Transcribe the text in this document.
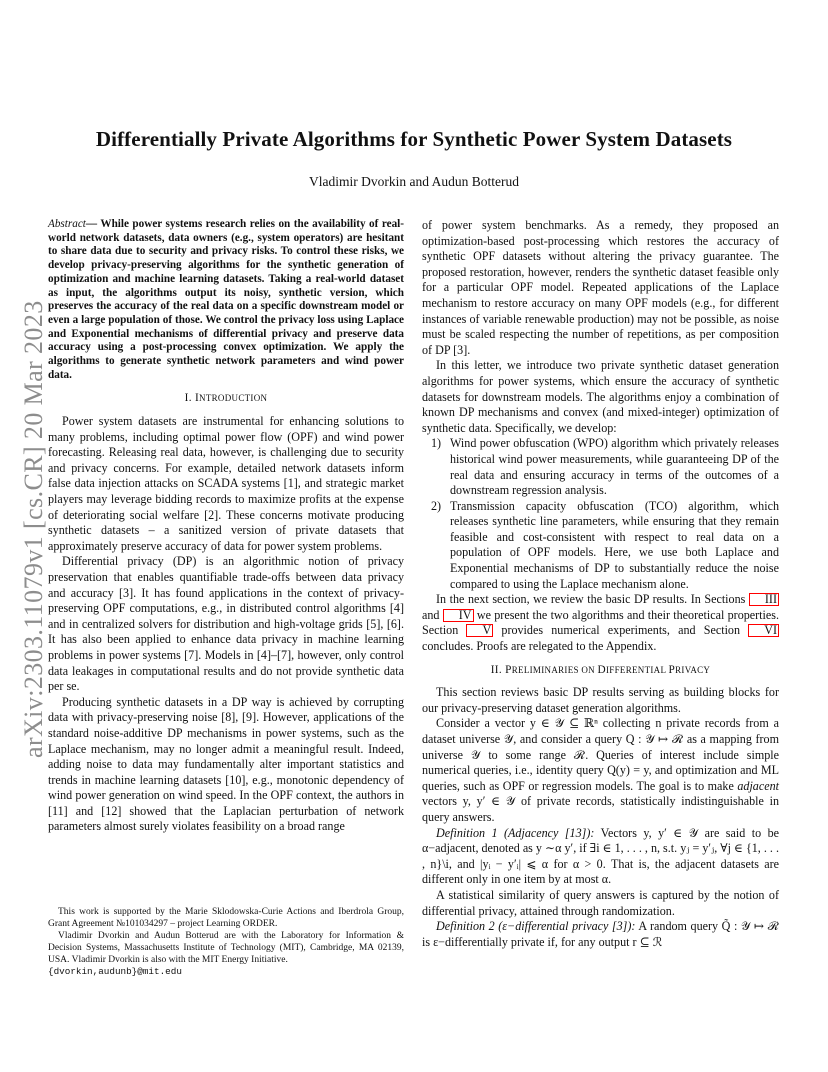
Differentially Private Algorithms for Synthetic Power System Datasets

Vladimir Dvorkin and Audun Botterud

arXiv:2303.11079v1 [cs.CR] 20 Mar 2023

Abstract— While power systems research relies on the availability of real-world network datasets, data owners (e.g., system operators) are hesitant to share data due to security and privacy risks. To control these risks, we develop privacy-preserving algorithms for the synthetic generation of optimization and machine learning datasets. Taking a real-world dataset as input, the algorithms output its noisy, synthetic version, which preserves the accuracy of the real data on a specific downstream model or even a large population of those. We control the privacy loss using Laplace and Exponential mechanisms of differential privacy and preserve data accuracy using a post-processing convex optimization. We apply the algorithms to generate synthetic network parameters and wind power data.

I. INTRODUCTION

Power system datasets are instrumental for enhancing solutions to many problems, including optimal power flow (OPF) and wind power forecasting. Releasing real data, however, is challenging due to security and privacy concerns. For example, detailed network datasets inform false data injection attacks on SCADA systems [1], and strategic market players may leverage bidding records to maximize profits at the expense of deteriorating social welfare [2]. These concerns motivate producing synthetic datasets – a sanitized version of private datasets that approximately preserve accuracy of data for power system problems.

Differential privacy (DP) is an algorithmic notion of privacy preservation that enables quantifiable trade-offs between data privacy and accuracy [3]. It has found applications in the context of privacy-preserving OPF computations, e.g., in distributed control algorithms [4] and in centralized solvers for distribution and high-voltage grids [5], [6]. It has also been applied to enhance data privacy in machine learning problems in power systems [7]. Models in [4]–[7], however, only control data leakages in computational results and do not provide synthetic data per se.

Producing synthetic datasets in a DP way is achieved by corrupting data with privacy-preserving noise [8], [9]. However, applications of the standard noise-additive DP mechanisms in power systems, such as the Laplace mechanism, may no longer admit a meaningful result. Indeed, adding noise to data may fundamentally alter important statistics and trends in machine learning datasets [10], e.g., monotonic dependency of wind power generation on wind speed. In the OPF context, the authors in [11] and [12] showed that the Laplacian perturbation of network parameters almost surely violates feasibility on a broad range

This work is supported by the Marie Sklodowska-Curie Actions and Iberdrola Group, Grant Agreement №101034297 – project Learning ORDER.

Vladimir Dvorkin and Audun Botterud are with the Laboratory for Information & Decision Systems, Massachusetts Institute of Technology (MIT), Cambridge, MA 02139, USA. Vladimir Dvorkin is also with the MIT Energy Initiative.
{dvorkin,audunb}@mit.edu

of power system benchmarks. As a remedy, they proposed an optimization-based post-processing which restores the accuracy of synthetic OPF datasets without altering the privacy guarantee. The proposed restoration, however, renders the synthetic dataset feasible only for a particular OPF model. Repeated applications of the Laplace mechanism to restore accuracy on many OPF models (e.g., for different instances of variable renewable production) may not be possible, as noise must be scaled respecting the number of repetitions, as per composition of DP [3].

In this letter, we introduce two private synthetic dataset generation algorithms for power systems, which ensure the accuracy of synthetic datasets for downstream models. The algorithms enjoy a combination of known DP mechanisms and convex (and mixed-integer) optimization of synthetic data. Specifically, we develop:

1) Wind power obfuscation (WPO) algorithm which privately releases historical wind power measurements, while guaranteeing DP of the real data and ensuring accuracy in terms of the outcomes of a downstream regression analysis.
2) Transmission capacity obfuscation (TCO) algorithm, which releases synthetic line parameters, while ensuring that they remain feasible and cost-consistent with respect to real data on a population of OPF models. Here, we use both Laplace and Exponential mechanisms of DP to substantially reduce the noise compared to using the Laplace mechanism alone.

In the next section, we review the basic DP results. In Sections III and IV we present the two algorithms and their theoretical properties. Section V provides numerical experiments, and Section VI concludes. Proofs are relegated to the Appendix.

II. PRELIMINARIES ON DIFFERENTIAL PRIVACY

This section reviews basic DP results serving as building blocks for our privacy-preserving dataset generation algorithms.

Consider a vector y ∈ 𝒴 ⊆ ℝⁿ collecting n private records from a dataset universe 𝒴, and consider a query Q : 𝒴 ↦ ℛ as a mapping from universe 𝒴 to some range ℛ. Queries of interest include simple numerical queries, i.e., identity query Q(y) = y, and optimization and ML queries, such as OPF or regression models. The goal is to make adjacent vectors y, y′ ∈ 𝒴 of private records, statistically indistinguishable in query answers.

Definition 1 (Adjacency [13]): Vectors y, y′ ∈ 𝒴 are said to be α−adjacent, denoted as y ∼α y′, if ∃i ∈ 1, . . . , n, s.t. yⱼ = y′ⱼ, ∀j ∈ {1, . . . , n}\i, and |yᵢ − y′ᵢ| ⩽ α for α > 0. That is, the adjacent datasets are different only in one item by at most α.

A statistical similarity of query answers is captured by the notion of differential privacy, attained through randomization.

Definition 2 (ε−differential privacy [3]): A random query Q̃ : 𝒴 ↦ ℛ is ε−differentially private if, for any output r ⊆ ℛ
